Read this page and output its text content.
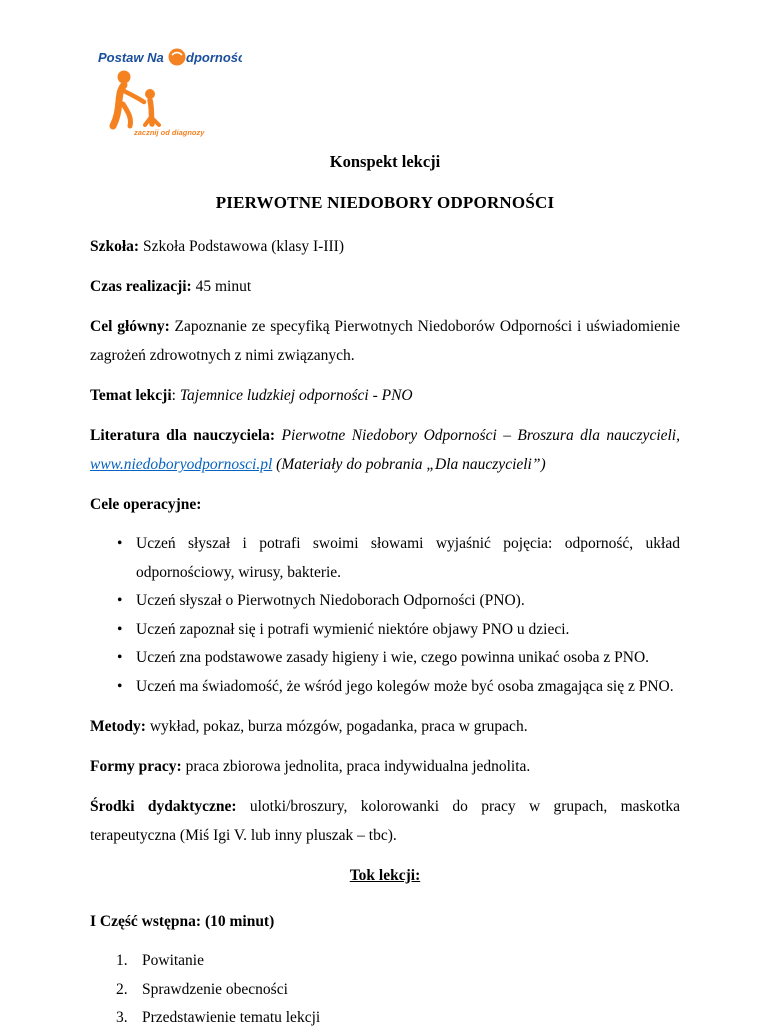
Postaw Na dporność
zacznij od diagnozy
Konspekt lekcji
PIERWOTNE NIEDOBORY ODPORNOŚCI

Szkoła: Szkoła Podstawowa (klasy I-III)

Czas realizacji: 45 minut

Cel główny: Zapoznanie ze specyfiką Pierwotnych Niedoborów Odporności i uświadomienie zagrożeń zdrowotnych z nimi związanych.

Temat lekcji: Tajemnice ludzkiej odporności - PNO

Literatura dla nauczyciela: Pierwotne Niedobory Odporności – Broszura dla nauczycieli, www.niedoboryodpornosci.pl (Materiały do pobrania „Dla nauczycieli”)

Cele operacyjne:

• Uczeń słyszał i potrafi swoimi słowami wyjaśnić pojęcia: odporność, układ odpornościowy, wirusy, bakterie.
• Uczeń słyszał o Pierwotnych Niedoborach Odporności (PNO).
• Uczeń zapoznał się i potrafi wymienić niektóre objawy PNO u dzieci.
• Uczeń zna podstawowe zasady higieny i wie, czego powinna unikać osoba z PNO.
• Uczeń ma świadomość, że wśród jego kolegów może być osoba zmagająca się z PNO.

Metody: wykład, pokaz, burza mózgów, pogadanka, praca w grupach.

Formy pracy: praca zbiorowa jednolita, praca indywidualna jednolita.

Środki dydaktyczne: ulotki/broszury, kolorowanki do pracy w grupach, maskotka terapeutyczna (Miś Igi V. lub inny pluszak – tbc).

Tok lekcji:

I Część wstępna: (10 minut)

1. Powitanie
2. Sprawdzenie obecności
3. Przedstawienie tematu lekcji
